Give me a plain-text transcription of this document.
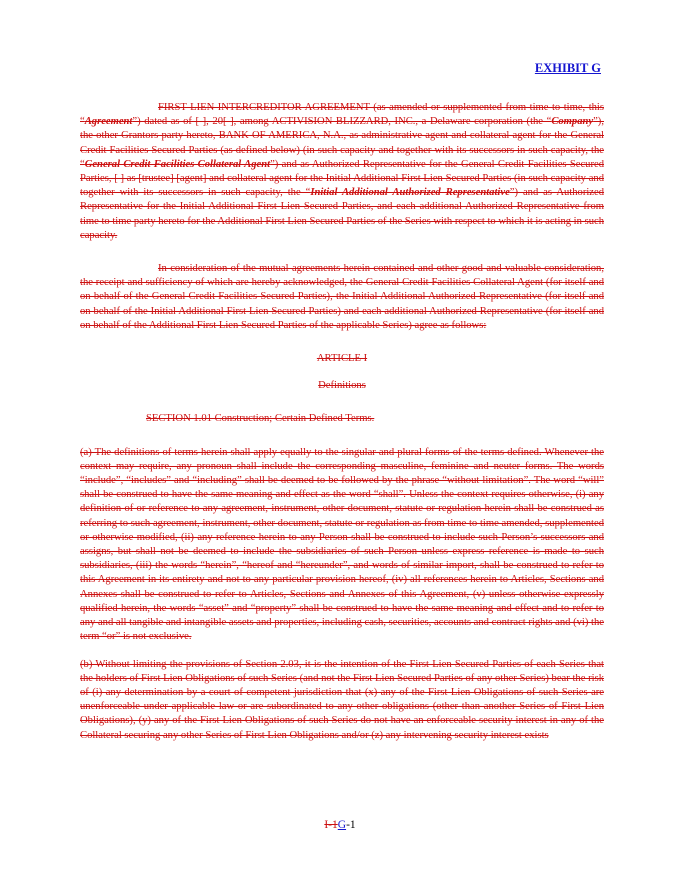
EXHIBIT G

FIRST LIEN INTERCREDITOR AGREEMENT (as amended or supplemented from time to time, this “Agreement”) dated as of [ ], 20[ ], among ACTIVISION BLIZZARD, INC., a Delaware corporation (the “Company”), the other Grantors party hereto, BANK OF AMERICA, N.A., as administrative agent and collateral agent for the General Credit Facilities Secured Parties (as defined below) (in such capacity and together with its successors in such capacity, the “General Credit Facilities Collateral Agent”) and as Authorized Representative for the General Credit Facilities Secured Parties, [ ] as [trustee] [agent] and collateral agent for the Initial Additional First Lien Secured Parties (in such capacity and together with its successors in such capacity, the “Initial Additional Authorized Representative”) and as Authorized Representative for the Initial Additional First Lien Secured Parties, and each additional Authorized Representative from time to time party hereto for the Additional First Lien Secured Parties of the Series with respect to which it is acting in such capacity.

In consideration of the mutual agreements herein contained and other good and valuable consideration, the receipt and sufficiency of which are hereby acknowledged, the General Credit Facilities Collateral Agent (for itself and on behalf of the General Credit Facilities Secured Parties), the Initial Additional Authorized Representative (for itself and on behalf of the Initial Additional First Lien Secured Parties) and each additional Authorized Representative (for itself and on behalf of the Additional First Lien Secured Parties of the applicable Series) agree as follows:

ARTICLE I

Definitions

SECTION 1.01 Construction; Certain Defined Terms.

(a) The definitions of terms herein shall apply equally to the singular and plural forms of the terms defined. Whenever the context may require, any pronoun shall include the corresponding masculine, feminine and neuter forms. The words “include”, “includes” and “including” shall be deemed to be followed by the phrase “without limitation”. The word “will” shall be construed to have the same meaning and effect as the word “shall”. Unless the context requires otherwise, (i) any definition of or reference to any agreement, instrument, other document, statute or regulation herein shall be construed as referring to such agreement, instrument, other document, statute or regulation as from time to time amended, supplemented or otherwise modified, (ii) any reference herein to any Person shall be construed to include such Person’s successors and assigns, but shall not be deemed to include the subsidiaries of such Person unless express reference is made to such subsidiaries, (iii) the words “herein”, “hereof and “hereunder”, and words of similar import, shall be construed to refer to this Agreement in its entirety and not to any particular provision hereof, (iv) all references herein to Articles, Sections and Annexes shall be construed to refer to Articles, Sections and Annexes of this Agreement, (v) unless otherwise expressly qualified herein, the words “asset” and “property” shall be construed to have the same meaning and effect and to refer to any and all tangible and intangible assets and properties, including cash, securities, accounts and contract rights and (vi) the term “or” is not exclusive.

(b) Without limiting the provisions of Section 2.03, it is the intention of the First Lien Secured Parties of each Series that the holders of First Lien Obligations of such Series (and not the First Lien Secured Parties of any other Series) bear the risk of (i) any determination by a court of competent jurisdiction that (x) any of the First Lien Obligations of such Series are unenforceable under applicable law or are subordinated to any other obligations (other than another Series of First Lien Obligations), (y) any of the First Lien Obligations of such Series do not have an enforceable security interest in any of the Collateral securing any other Series of First Lien Obligations and/or (z) any intervening security interest exists

I-1G-1
